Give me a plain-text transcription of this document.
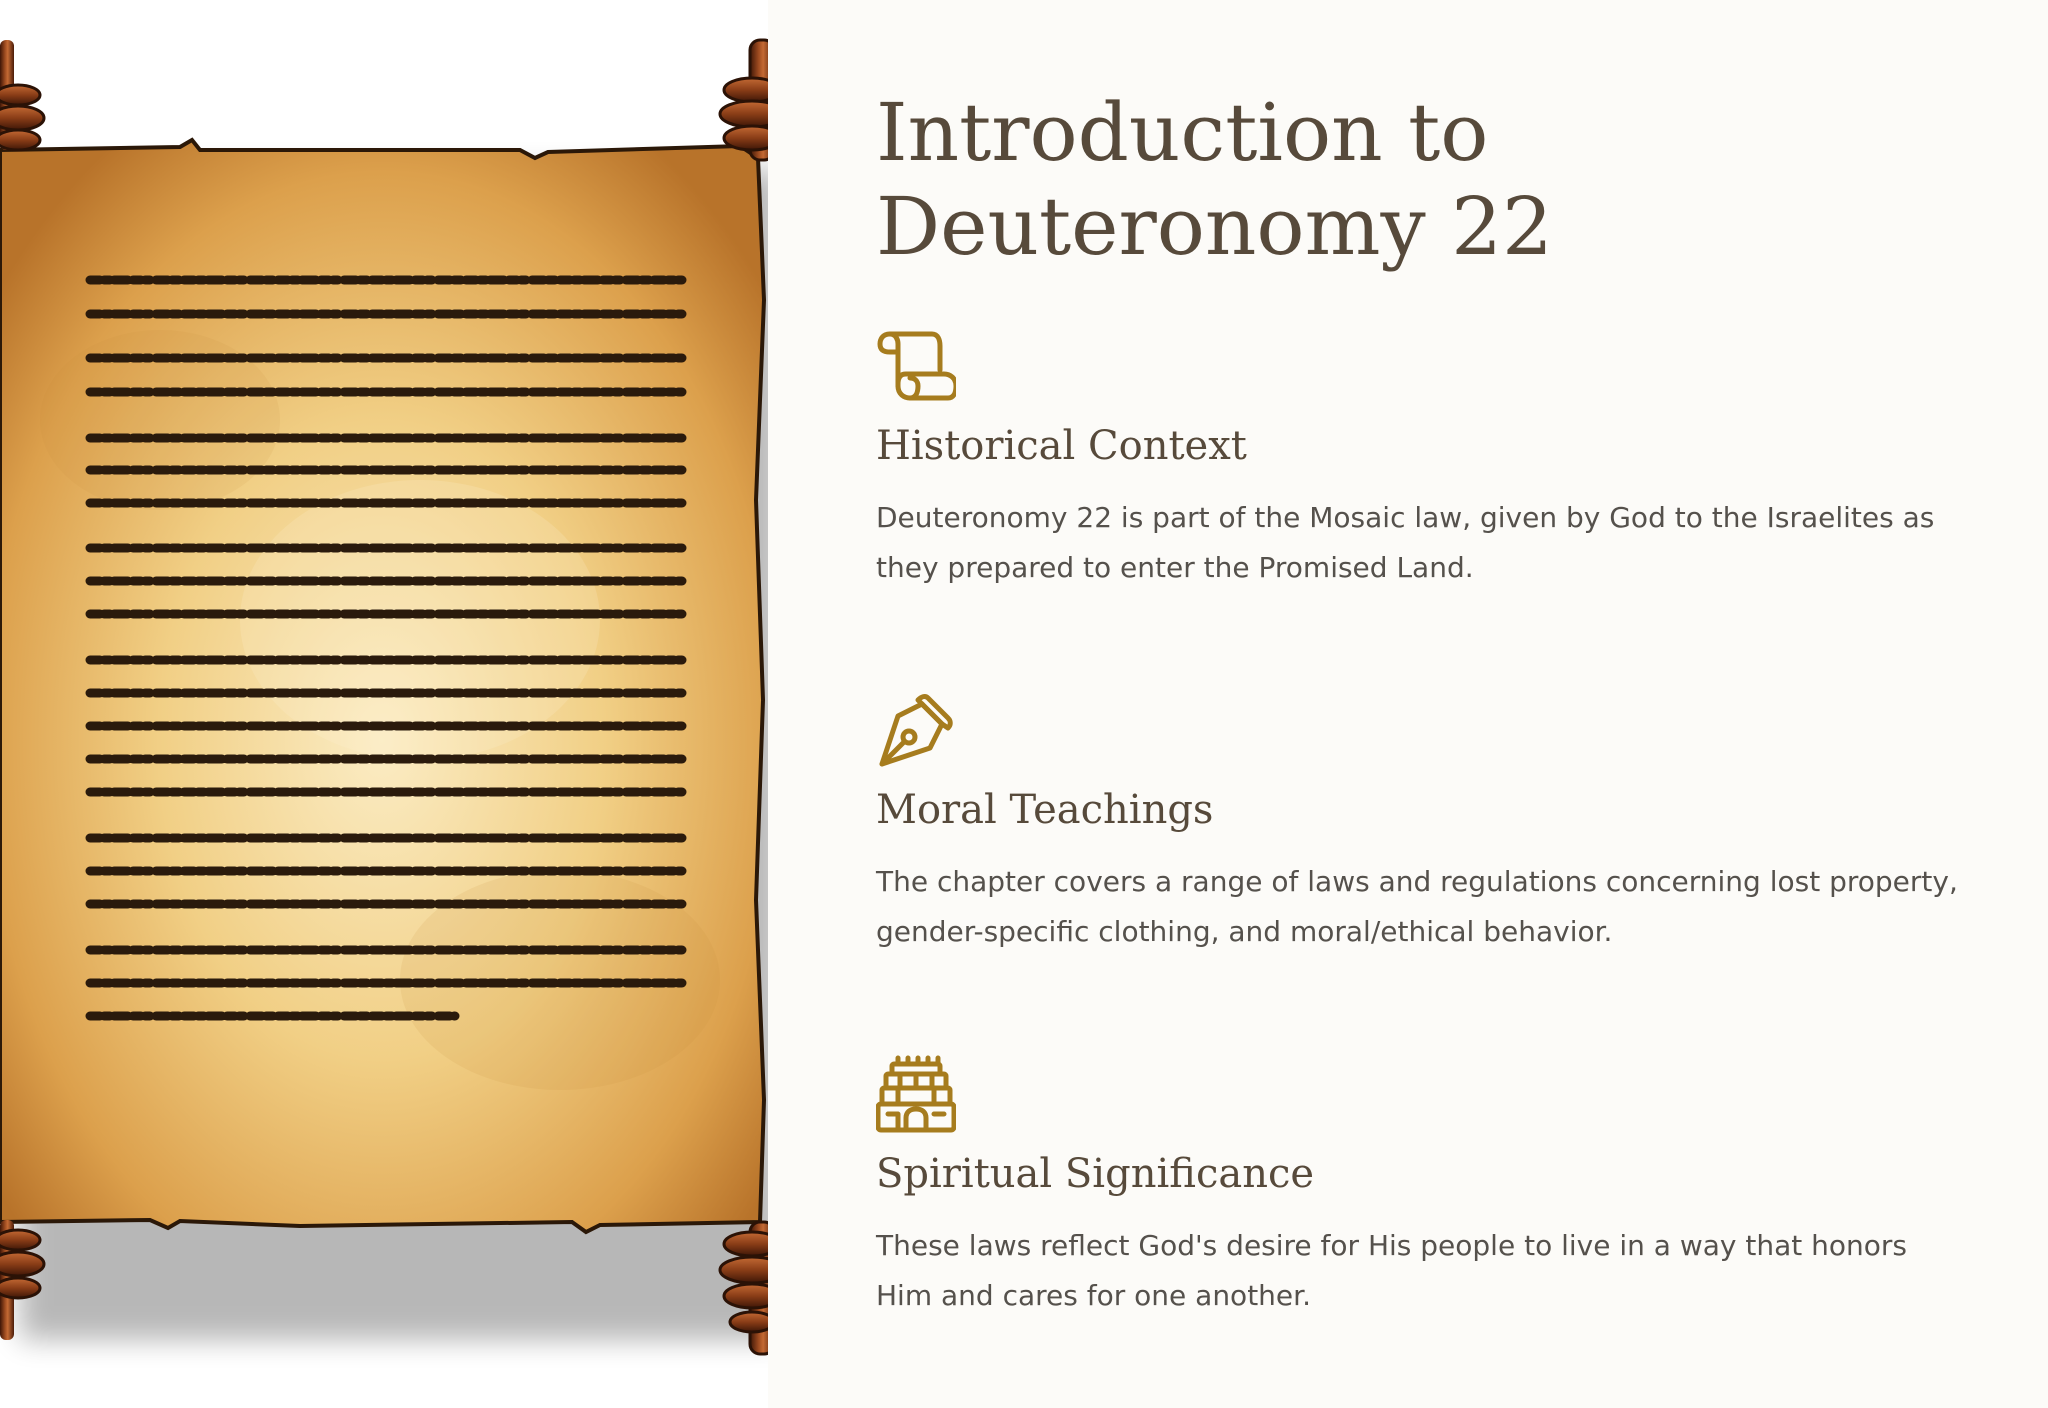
Introduction to Deuteronomy 22
Historical Context

Deuteronomy 22 is part of the Mosaic law, given by God to the Israelites as they prepared to enter the Promised Land.

Moral Teachings

The chapter covers a range of laws and regulations concerning lost property, gender-specific clothing, and moral/ethical behavior.

Spiritual Significance

These laws reflect God's desire for His people to live in a way that honors Him and cares for one another.
